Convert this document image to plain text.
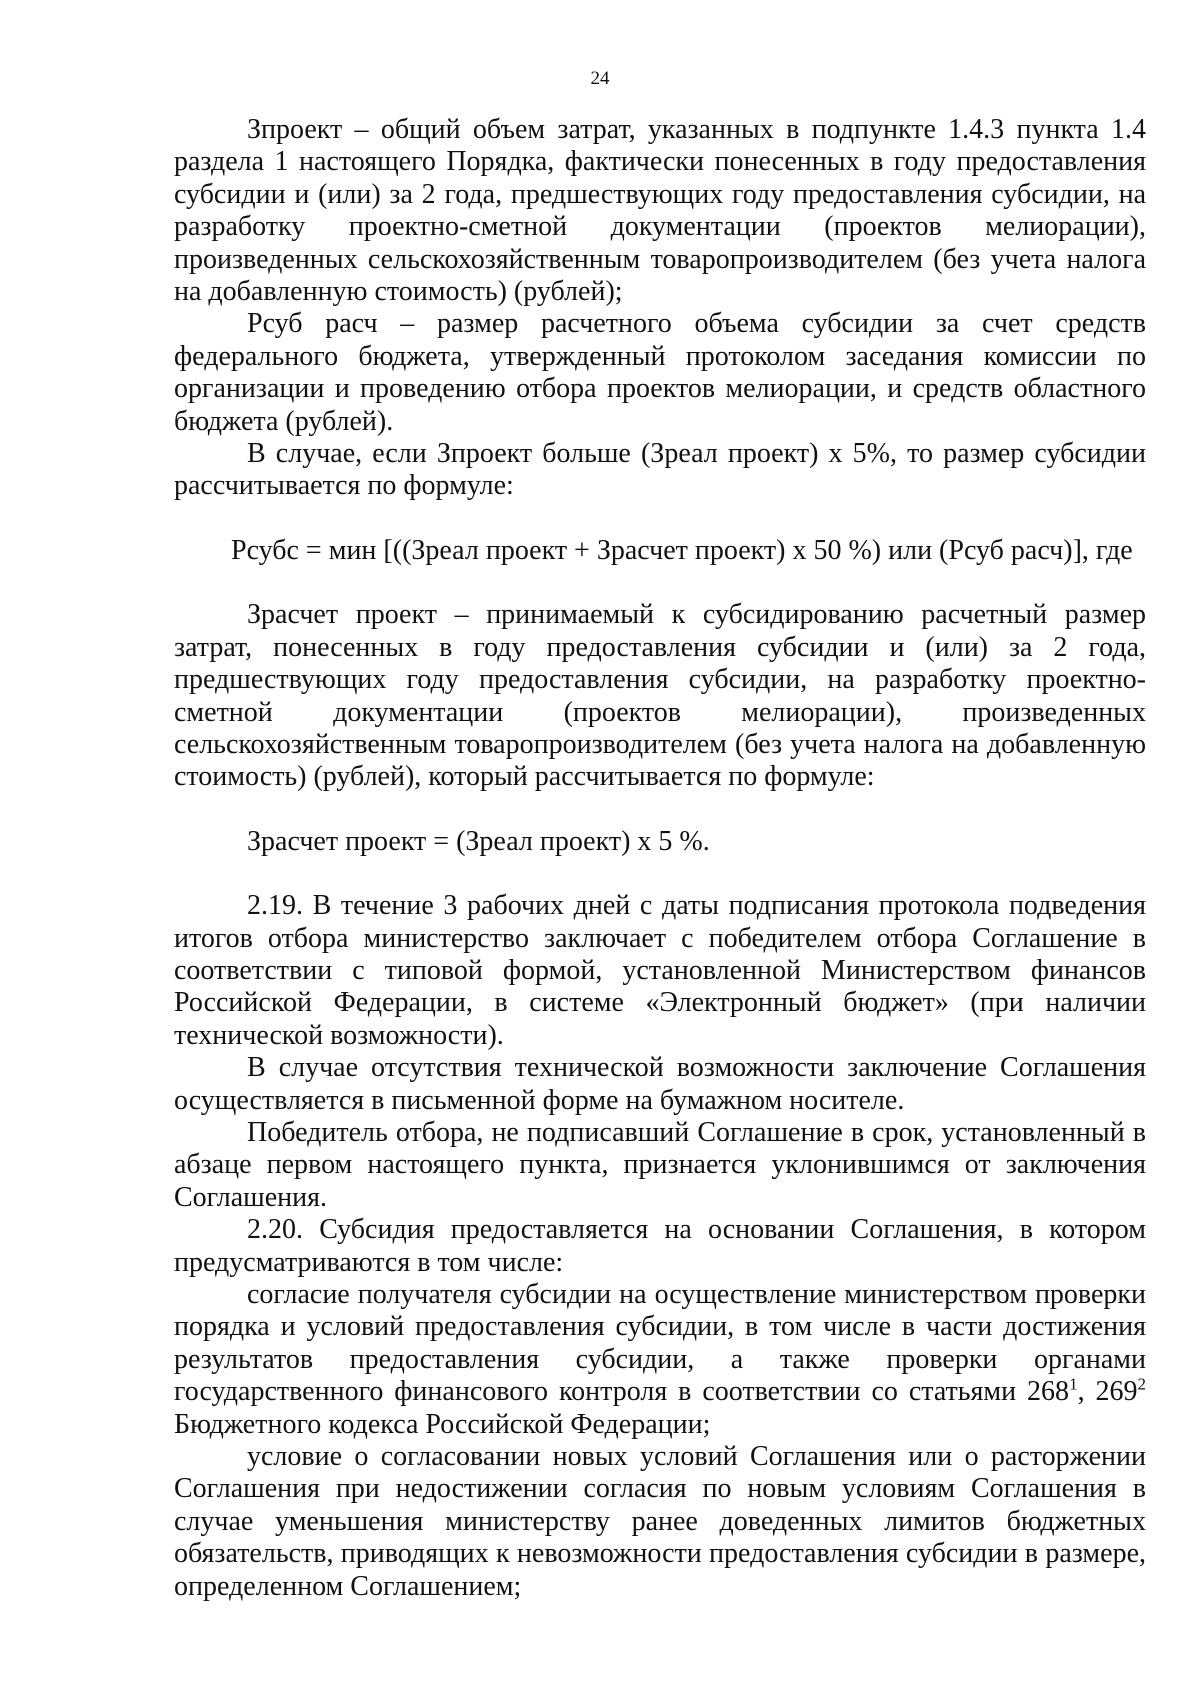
24

Зпроект – общий объем затрат, указанных в подпункте 1.4.3 пункта 1.4 раздела 1 настоящего Порядка, фактически понесенных в году предоставления субсидии и (или) за 2 года, предшествующих году предоставления субсидии, на разработку проектно-сметной документации (проектов мелиорации), произведенных сельскохозяйственным товаропроизводителем (без учета налога на добавленную стоимость) (рублей);

Рсуб расч – размер расчетного объема субсидии за счет средств федерального бюджета, утвержденный протоколом заседания комиссии по организации и проведению отбора проектов мелиорации, и средств областного бюджета (рублей).

В случае, если Зпроект больше (Зреал проект) х 5%, то размер субсидии рассчитывается по формуле:

Рсубс = мин [((Зреал проект + Зрасчет проект) х 50 %) или (Рсуб расч)], где

Зрасчет проект – принимаемый к субсидированию расчетный размер затрат, понесенных в году предоставления субсидии и (или) за 2 года, предшествующих году предоставления субсидии, на разработку проектно-сметной документации (проектов мелиорации), произведенных сельскохозяйственным товаропроизводителем (без учета налога на добавленную стоимость) (рублей), который рассчитывается по формуле:

Зрасчет проект = (Зреал проект) х 5 %.

2.19. В течение 3 рабочих дней с даты подписания протокола подведения итогов отбора министерство заключает с победителем отбора Соглашение в соответствии с типовой формой, установленной Министерством финансов Российской Федерации, в системе «Электронный бюджет» (при наличии технической возможности).

В случае отсутствия технической возможности заключение Соглашения осуществляется в письменной форме на бумажном носителе.

Победитель отбора, не подписавший Соглашение в срок, установленный в абзаце первом настоящего пункта, признается уклонившимся от заключения Соглашения.

2.20. Субсидия предоставляется на основании Соглашения, в котором предусматриваются в том числе:

согласие получателя субсидии на осуществление министерством проверки порядка и условий предоставления субсидии, в том числе в части достижения результатов предоставления субсидии, а также проверки органами государственного финансового контроля в соответствии со статьями $268^1$, $269^2$ Бюджетного кодекса Российской Федерации;

условие о согласовании новых условий Соглашения или о расторжении Соглашения при недостижении согласия по новым условиям Соглашения в случае уменьшения министерству ранее доведенных лимитов бюджетных обязательств, приводящих к невозможности предоставления субсидии в размере, определенном Соглашением;
